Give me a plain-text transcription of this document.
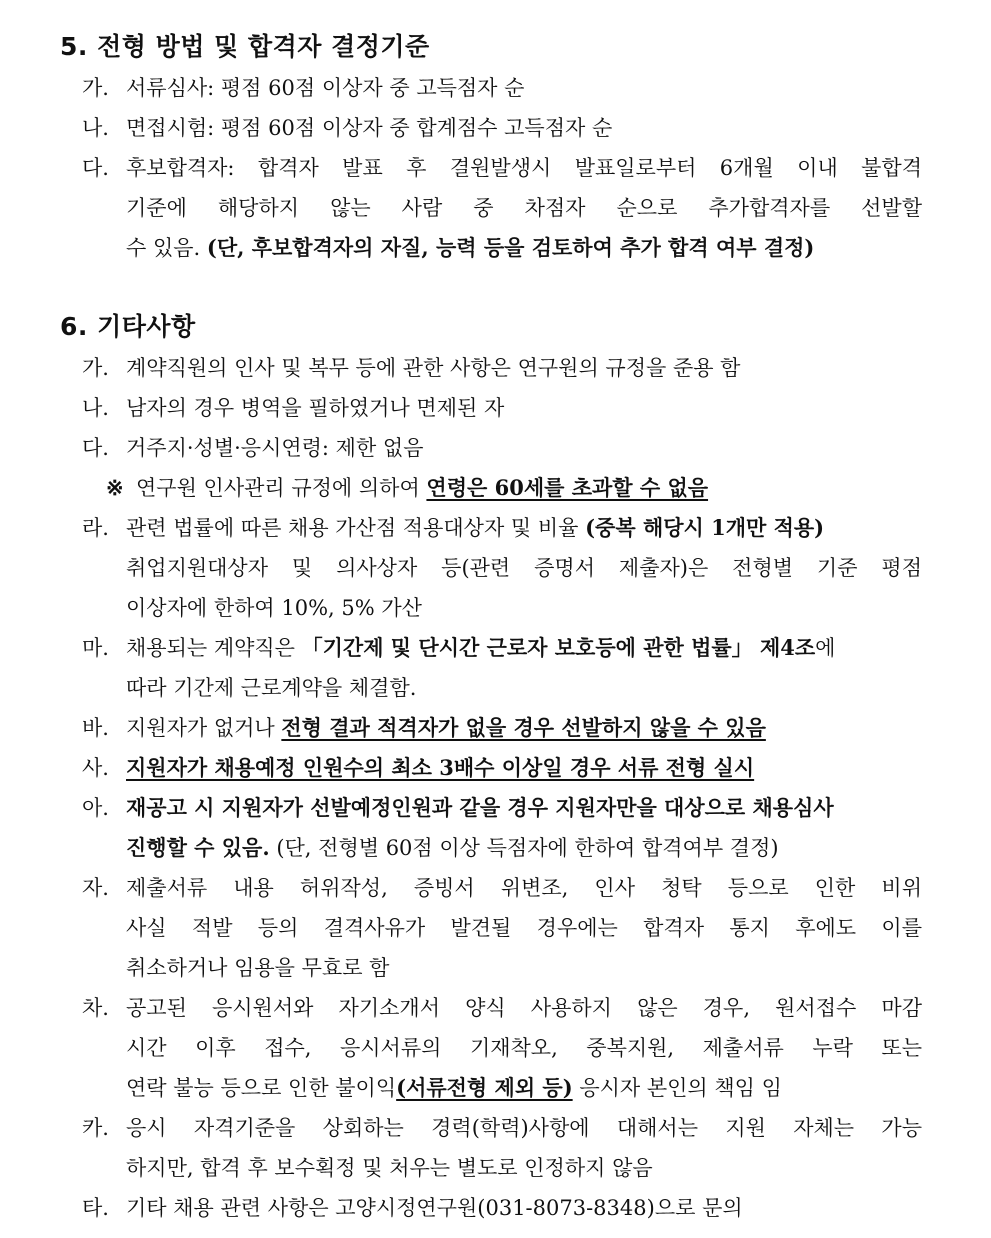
5. 전형 방법 및 합격자 결정기준
가. 서류심사: 평점 60점 이상자 중 고득점자 순
나. 면접시험: 평점 60점 이상자 중 합계점수 고득점자 순
다. 후보합격자: 합격자 발표 후 결원발생시 발표일로부터 6개월 이내 불합격
기준에 해당하지 않는 사람 중 차점자 순으로 추가합격자를 선발할
수 있음. (단, 후보합격자의 자질, 능력 등을 검토하여 추가 합격 여부 결정)
6. 기타사항
가. 계약직원의 인사 및 복무 등에 관한 사항은 연구원의 규정을 준용 함
나. 남자의 경우 병역을 필하였거나 면제된 자
다. 거주지·성별·응시연령: 제한 없음
※ 연구원 인사관리 규정에 의하여 연령은 60세를 초과할 수 없음
라. 관련 법률에 따른 채용 가산점 적용대상자 및 비율 (중복 해당시 1개만 적용)
취업지원대상자 및 의사상자 등(관련 증명서 제출자)은 전형별 기준 평점
이상자에 한하여 10%, 5% 가산
마. 채용되는 계약직은 「기간제 및 단시간 근로자 보호등에 관한 법률」 제4조에
따라 기간제 근로계약을 체결함.
바. 지원자가 없거나 전형 결과 적격자가 없을 경우 선발하지 않을 수 있음
사. 지원자가 채용예정 인원수의 최소 3배수 이상일 경우 서류 전형 실시
아. 재공고 시 지원자가 선발예정인원과 같을 경우 지원자만을 대상으로 채용심사
진행할 수 있음. (단, 전형별 60점 이상 득점자에 한하여 합격여부 결정)
자. 제출서류 내용 허위작성, 증빙서 위변조, 인사 청탁 등으로 인한 비위
사실 적발 등의 결격사유가 발견될 경우에는 합격자 통지 후에도 이를
취소하거나 임용을 무효로 함
차. 공고된 응시원서와 자기소개서 양식 사용하지 않은 경우, 원서접수 마감
시간 이후 접수, 응시서류의 기재착오, 중복지원, 제출서류 누락 또는
연락 불능 등으로 인한 불이익(서류전형 제외 등) 응시자 본인의 책임 임
카. 응시 자격기준을 상회하는 경력(학력)사항에 대해서는 지원 자체는 가능
하지만, 합격 후 보수획정 및 처우는 별도로 인정하지 않음
타. 기타 채용 관련 사항은 고양시정연구원(031-8073-8348)으로 문의
